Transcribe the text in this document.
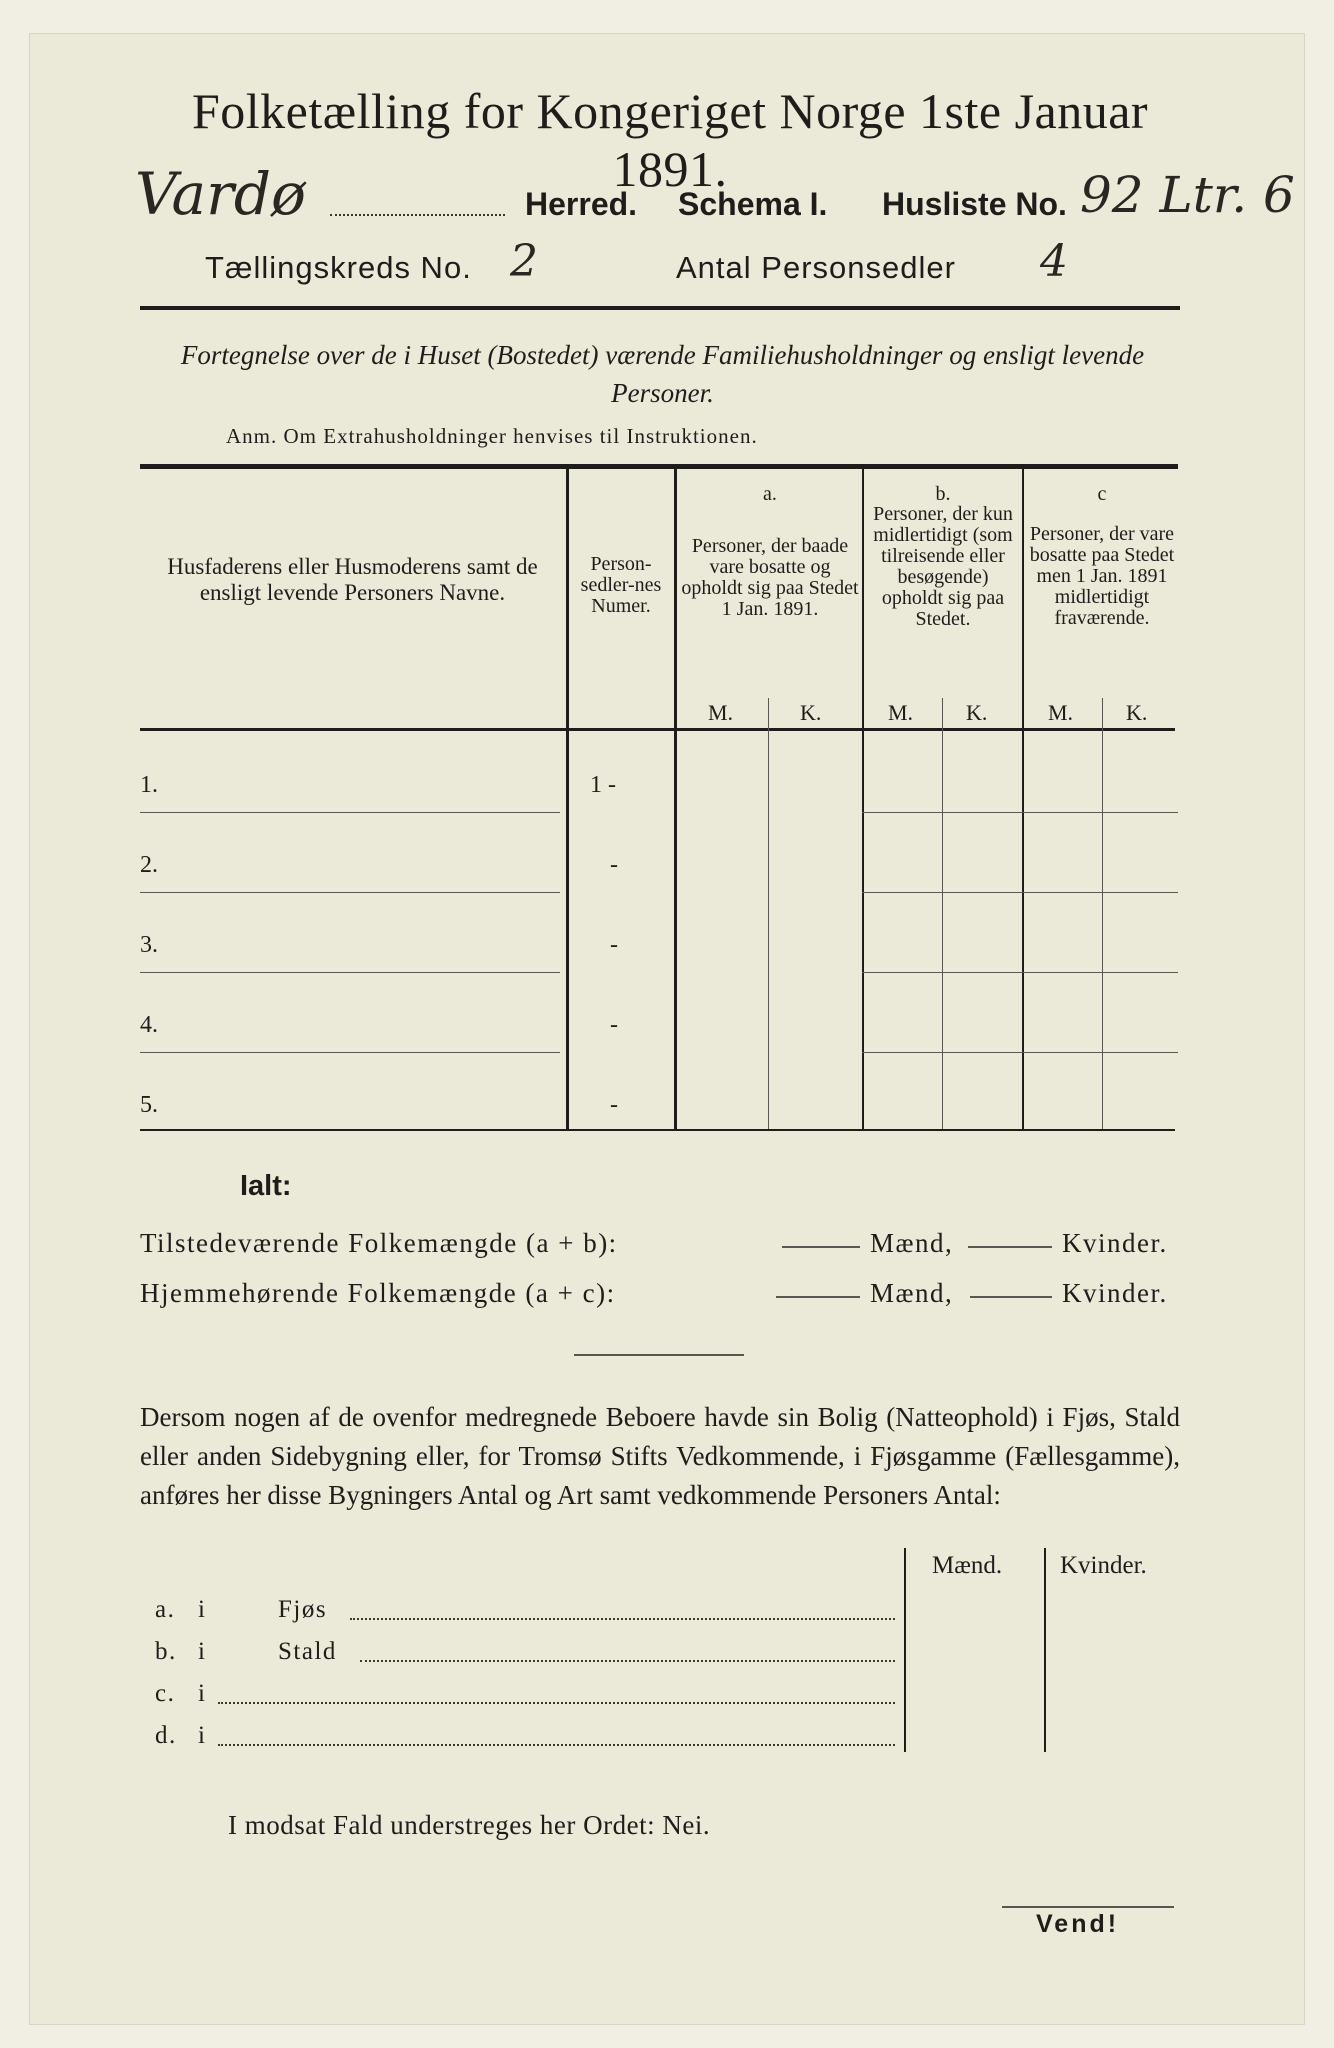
Folketælling for Kongeriget Norge 1ste Januar 1891.
Vardø	Herred. Schema I. Husliste No. 92 Ltr. 6
Tællingskreds No. 2	Antal Personsedler 4
Fortegnelse over de i Huset (Bostedet) værende Familiehusholdninger og ensligt levende Personer.
Anm. Om Extrahusholdninger henvises til Instruktionen.
Husfaderens eller Husmoderens samt de ensligt levende Personers Navne.
Person-sedler-nes Numer.
a.
Personer, der baade vare bosatte og opholdt sig paa Stedet 1 Jan. 1891.
b.
Personer, der kun midlertidigt (som tilreisende eller besøgende) opholdt sig paa Stedet.
c
Personer, der vare bosatte paa Stedet men 1 Jan. 1891 midlertidigt fraværende.
M.	K.	M. K.	M. K.
1.	1 -
2.	-
3.	-
4.	-
5.	-
Ialt:
Tilstedeværende Folkemængde (a + b):	Mænd,	Kvinder.
Hjemmehørende Folkemængde (a + c):	Mænd,	Kvinder.
Dersom nogen af de ovenfor medregnede Beboere havde sin Bolig (Natteophold) i Fjøs, Stald eller anden Sidebygning eller, for Tromsø Stifts Vedkommende, i Fjøsgamme (Fællesgamme), anføres her disse Bygningers Antal og Art samt vedkommende Personers Antal:
Mænd. Kvinder.
a. i	Fjøs
b. i	Stald
c. i
d. i
I modsat Fald understreges her Ordet: Nei.
Vend!
